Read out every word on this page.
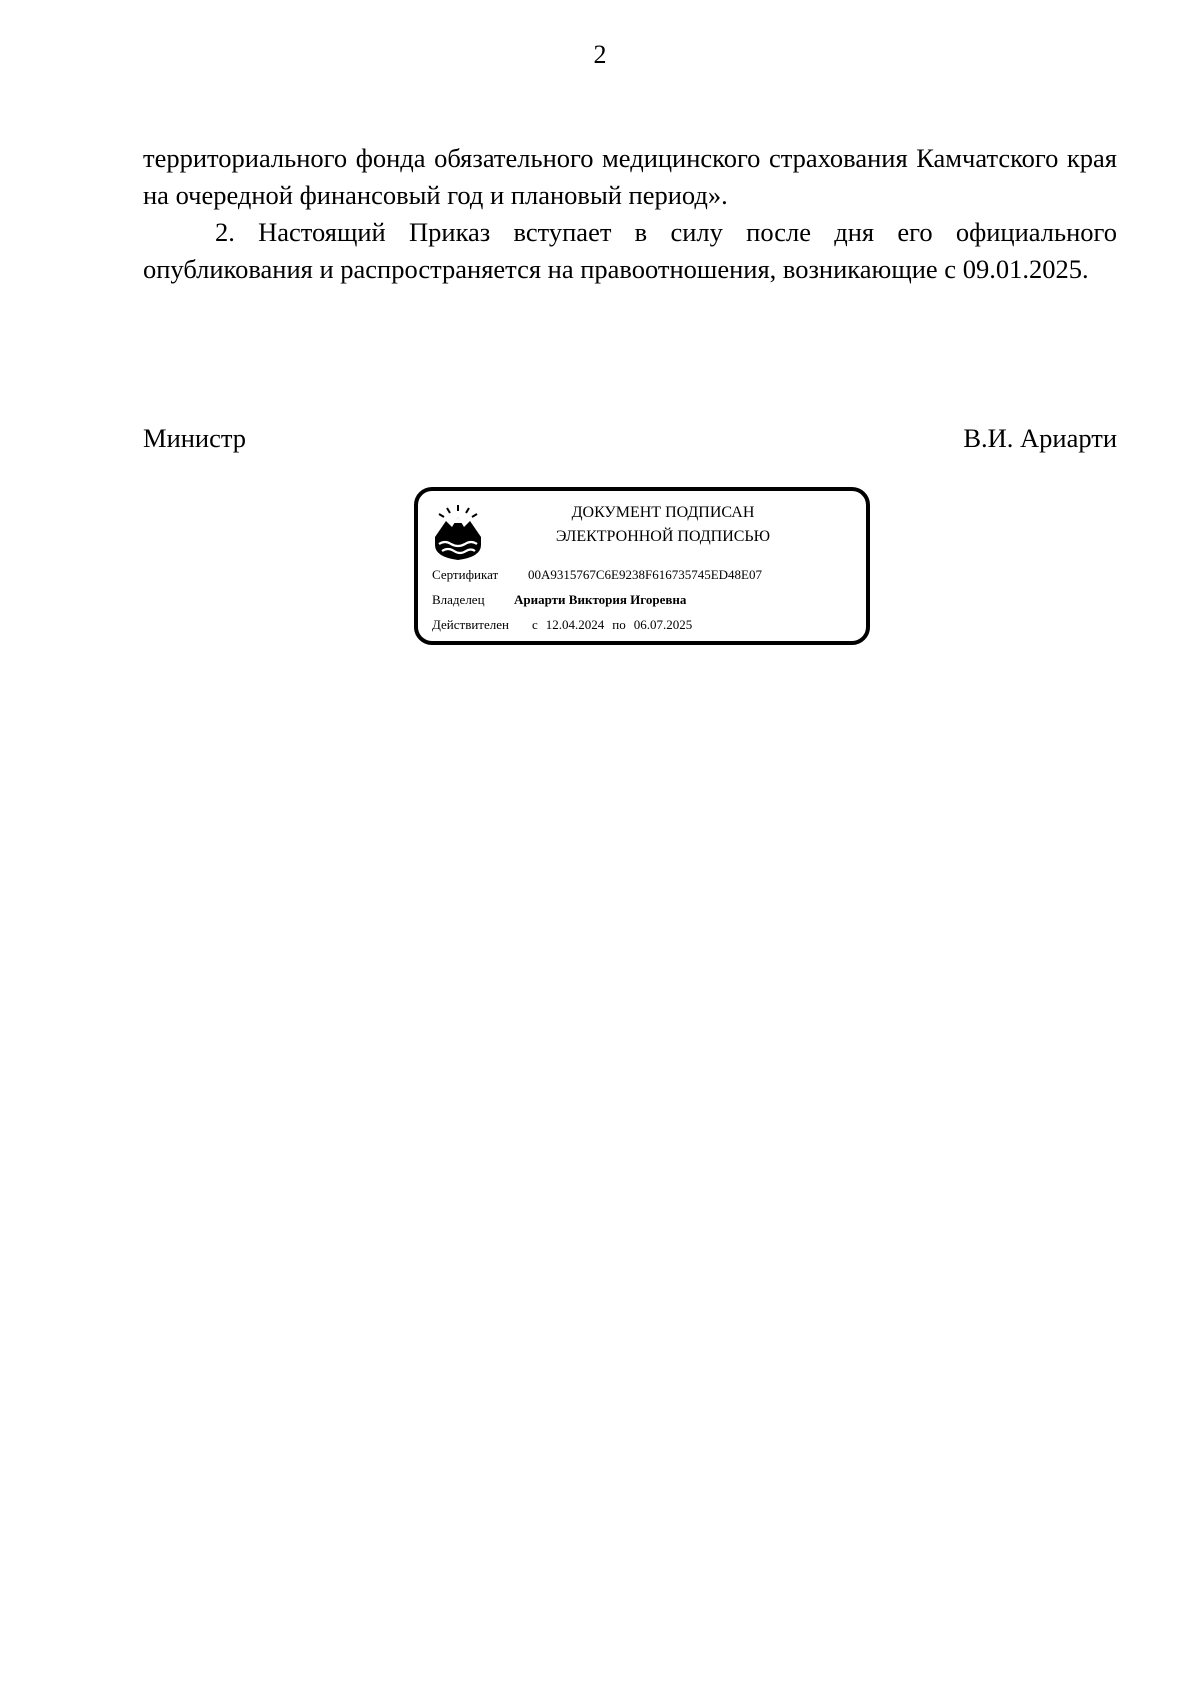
2

территориального фонда обязательного медицинского страхования Камчатского края на очередной финансовый год и плановый период».

2. Настоящий Приказ вступает в силу после дня его официального опубликования и распространяется на правоотношения, возникающие с 09.01.2025.

Министр	В.И. Ариарти
ДОКУМЕНТ ПОДПИСАН
ЭЛЕКТРОННОЙ ПОДПИСЬЮ
Сертификат 00A9315767C6E9238F616735745ED48E07
Владелец Ариарти Виктория Игоревна
Действителен с 12.04.2024 по 06.07.2025
